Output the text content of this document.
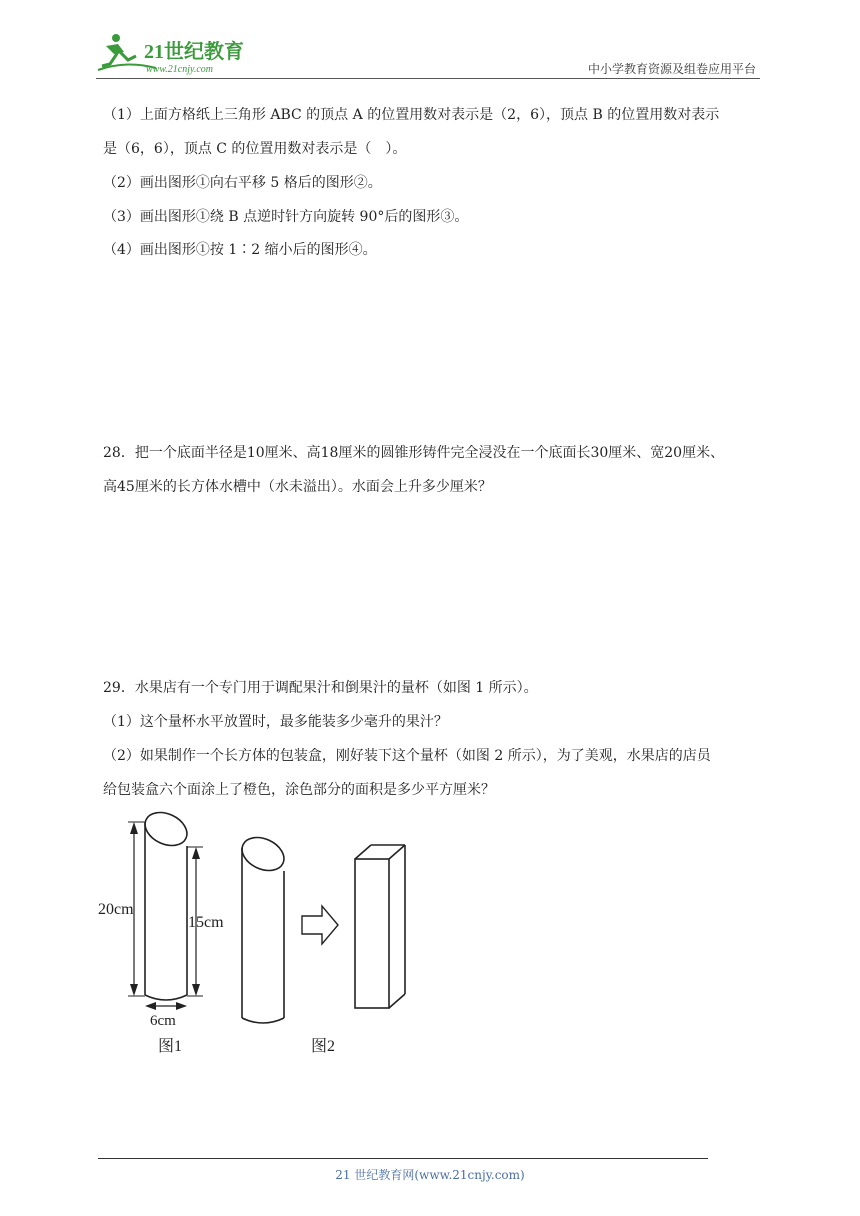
21世纪教育
www.21cnjy.com	中小学教育资源及组卷应用平台
（1）上面方格纸上三角形 ABC 的顶点 A 的位置用数对表示是（2，6），顶点 B 的位置用数对表示
是（6，6），顶点 C 的位置用数对表示是（　）。
（2）画出图形①向右平移 5 格后的图形②。
（3）画出图形①绕 B 点逆时针方向旋转 90°后的图形③。
（4）画出图形①按 1∶2 缩小后的图形④。
28．把一个底面半径是10厘米、高18厘米的圆锥形铸件完全浸没在一个底面长30厘米、宽20厘米、
高45厘米的长方体水槽中（水未溢出）。水面会上升多少厘米？
29．水果店有一个专门用于调配果汁和倒果汁的量杯（如图 1 所示）。
（1）这个量杯水平放置时，最多能装多少毫升的果汁？
（2）如果制作一个长方体的包装盒，刚好装下这个量杯（如图 2 所示），为了美观，水果店的店员
给包装盒六个面涂上了橙色，涂色部分的面积是多少平方厘米？
20cm
15cm
6cm
图1	图2
21 世纪教育网(www.21cnjy.com)
